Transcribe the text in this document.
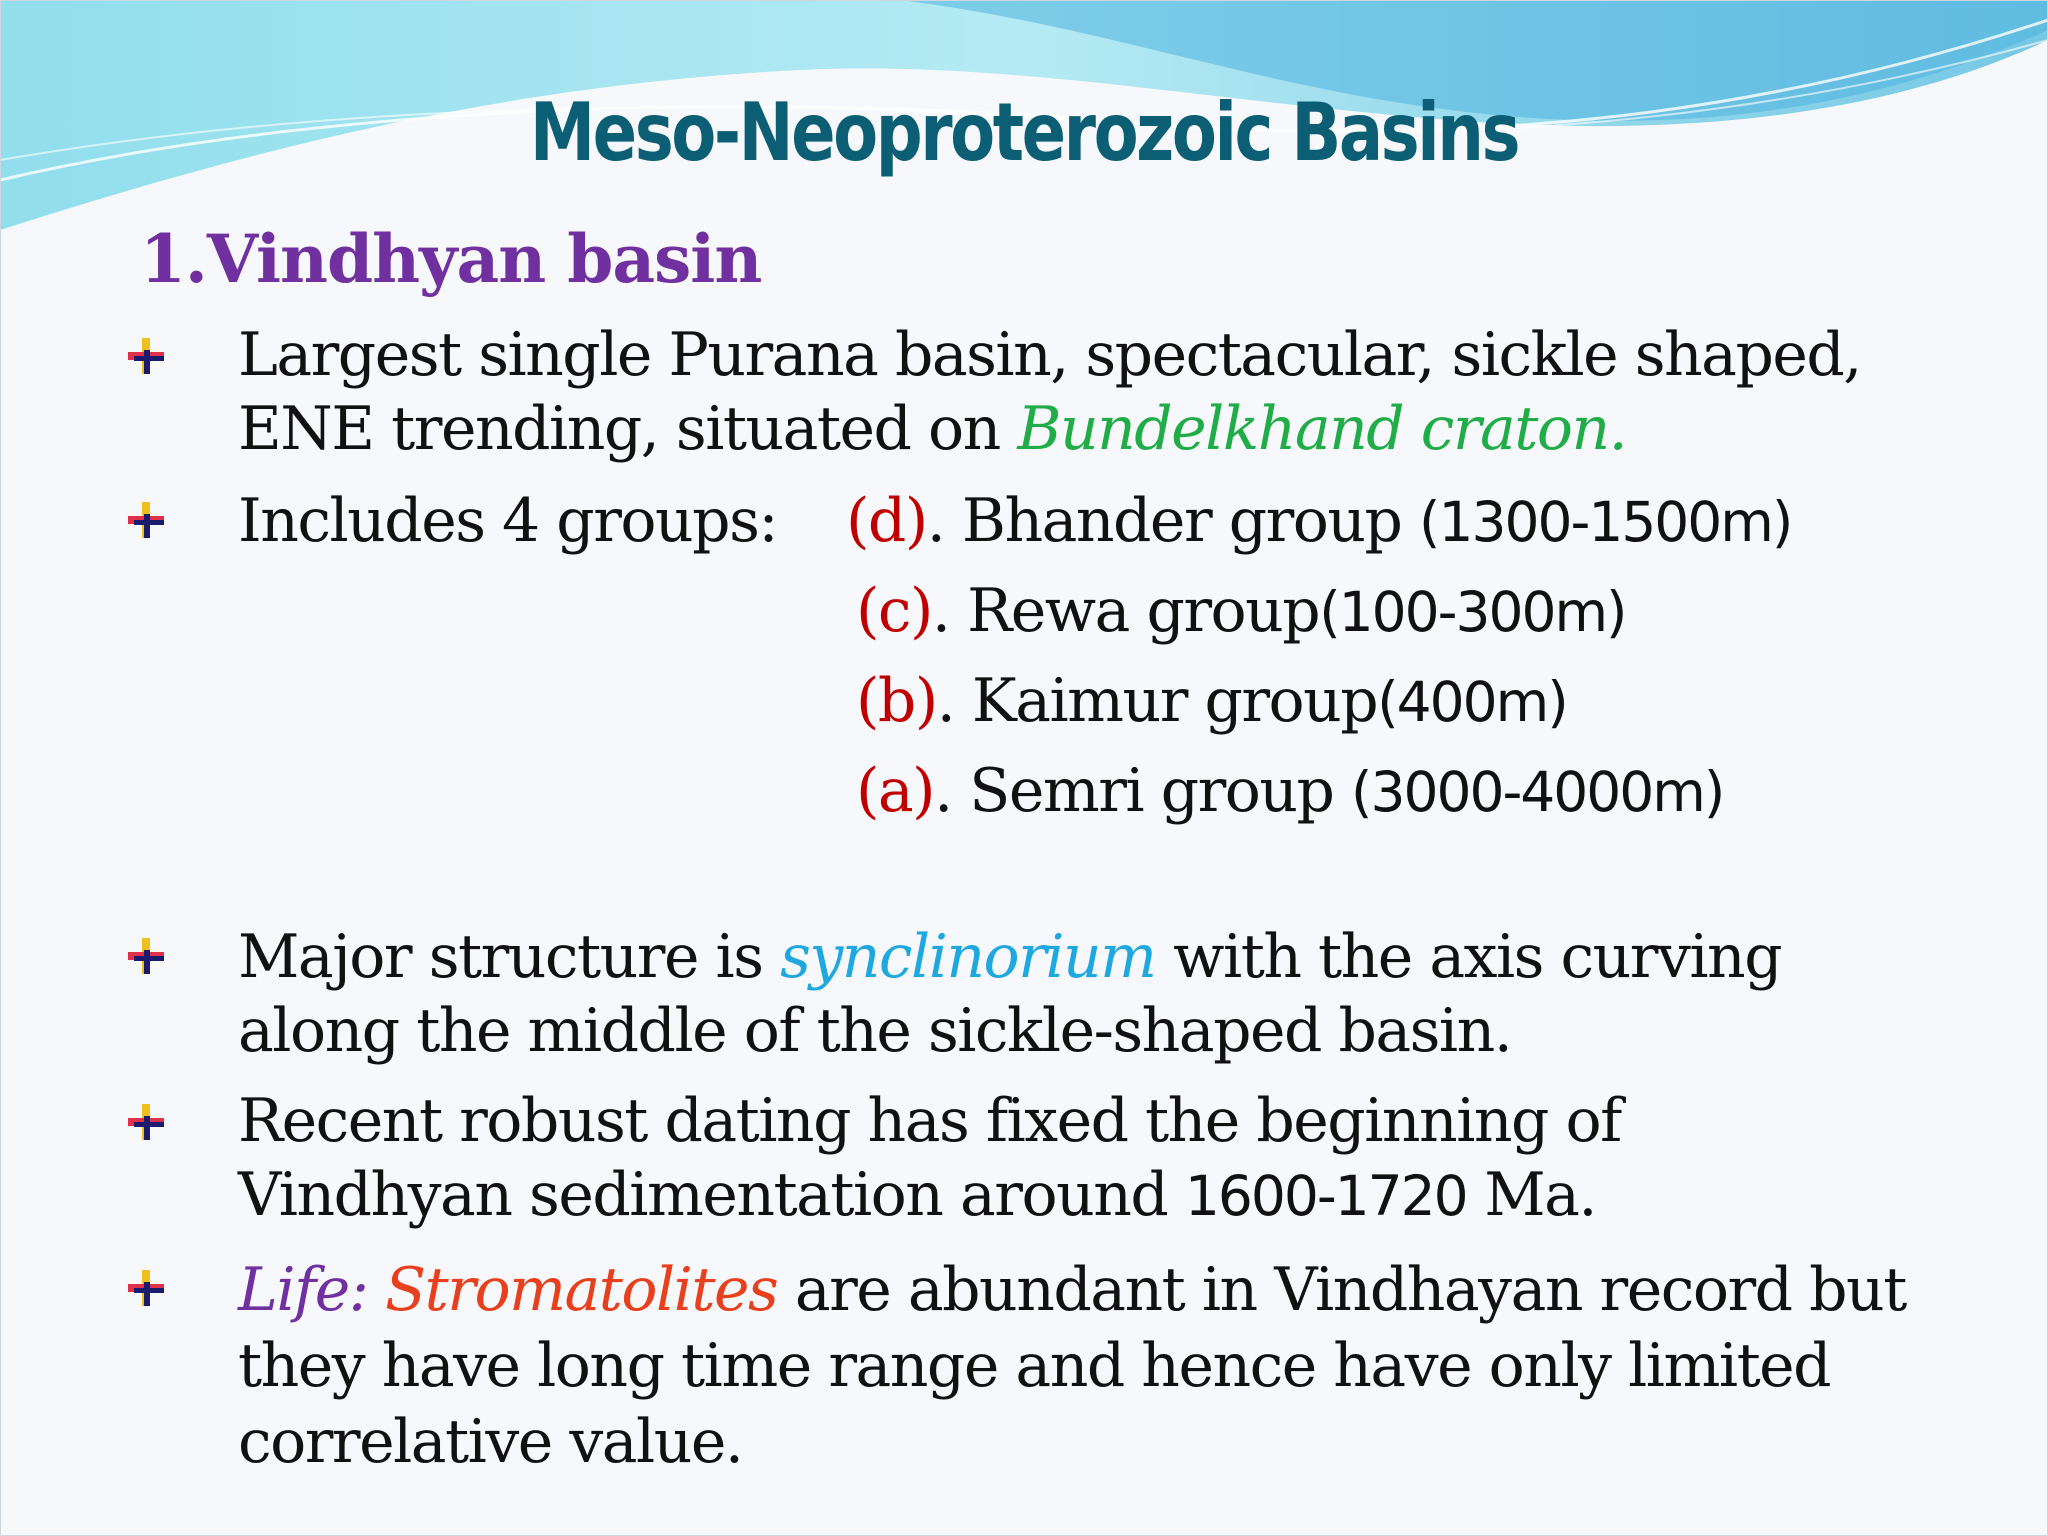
Meso-Neoproterozoic Basins
1.Vindhyan basin

Largest single Purana basin, spectacular, sickle shaped,
ENE trending, situated on Bundelkhand craton.

Includes 4 groups: (d). Bhander group (1300-1500m)

(c). Rewa group(100-300m)

(b). Kaimur group(400m)

(a). Semri group (3000-4000m)

Major structure is synclinorium with the axis curving
along the middle of the sickle-shaped basin.

Recent robust dating has fixed the beginning of
Vindhyan sedimentation around 1600-1720 Ma.

Life: Stromatolites are abundant in Vindhayan record but
they have long time range and hence have only limited
correlative value.
